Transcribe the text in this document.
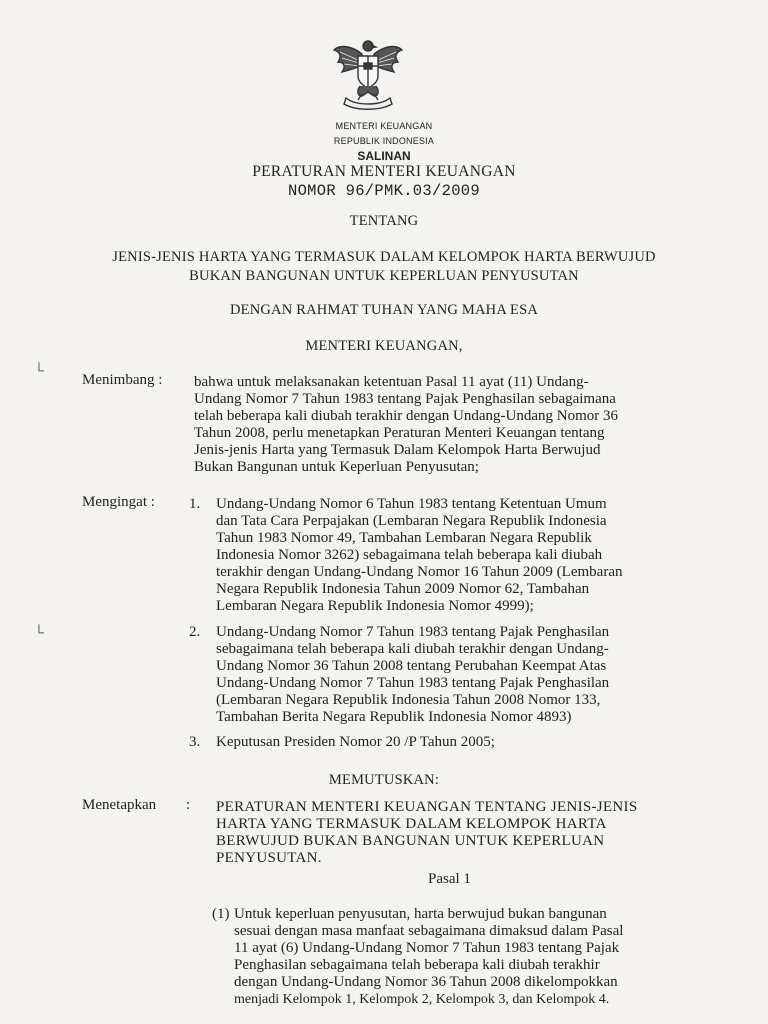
MENTERI KEUANGAN
REPUBLIK INDONESIA
SALINAN
PERATURAN MENTERI KEUANGAN
NOMOR 96/PMK.03/2009
TENTANG
JENIS-JENIS HARTA YANG TERMASUK DALAM KELOMPOK HARTA BERWUJUD
BUKAN BANGUNAN UNTUK KEPERLUAN PENYUSUTAN
DENGAN RAHMAT TUHAN YANG MAHA ESA
MENTERI KEUANGAN,
└
└
Menimbang : bahwa untuk melaksanakan ketentuan Pasal 11 ayat (11) Undang-
Undang Nomor 7 Tahun 1983 tentang Pajak Penghasilan sebagaimana
telah beberapa kali diubah terakhir dengan Undang-Undang Nomor 36
Tahun 2008, perlu menetapkan Peraturan Menteri Keuangan tentang
Jenis-jenis Harta yang Termasuk Dalam Kelompok Harta Berwujud
Bukan Bangunan untuk Keperluan Penyusutan;
Mengingat : 1. Undang-Undang Nomor 6 Tahun 1983 tentang Ketentuan Umum
dan Tata Cara Perpajakan (Lembaran Negara Republik Indonesia
Tahun 1983 Nomor 49, Tambahan Lembaran Negara Republik
Indonesia Nomor 3262) sebagaimana telah beberapa kali diubah
terakhir dengan Undang-Undang Nomor 16 Tahun 2009 (Lembaran
Negara Republik Indonesia Tahun 2009 Nomor 62, Tambahan
Lembaran Negara Republik Indonesia Nomor 4999);
2. Undang-Undang Nomor 7 Tahun 1983 tentang Pajak Penghasilan
sebagaimana telah beberapa kali diubah terakhir dengan Undang-
Undang Nomor 36 Tahun 2008 tentang Perubahan Keempat Atas
Undang-Undang Nomor 7 Tahun 1983 tentang Pajak Penghasilan
(Lembaran Negara Republik Indonesia Tahun 2008 Nomor 133,
Tambahan Berita Negara Republik Indonesia Nomor 4893)
3. Keputusan Presiden Nomor 20 /P Tahun 2005;
MEMUTUSKAN:
Menetapkan : PERATURAN MENTERI KEUANGAN TENTANG JENIS-JENIS
HARTA YANG TERMASUK DALAM KELOMPOK HARTA
BERWUJUD BUKAN BANGUNAN UNTUK KEPERLUAN
PENYUSUTAN.
Pasal 1
(1) Untuk keperluan penyusutan, harta berwujud bukan bangunan
sesuai dengan masa manfaat sebagaimana dimaksud dalam Pasal
11 ayat (6) Undang-Undang Nomor 7 Tahun 1983 tentang Pajak
Penghasilan sebagaimana telah beberapa kali diubah terakhir
dengan Undang-Undang Nomor 36 Tahun 2008 dikelompokkan
menjadi Kelompok 1, Kelompok 2, Kelompok 3, dan Kelompok 4.
